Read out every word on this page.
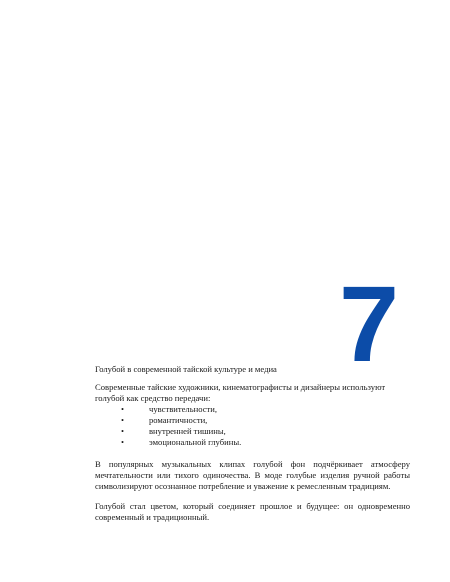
7
Голубой в современной тайской культуре и медиа
Современные тайские художники, кинематографисты и дизайнеры используют голубой как средство передачи:
•	чувствительности,
•	романтичности,
•	внутренней тишины,
•	эмоциональной глубины.
В популярных музыкальных клипах голубой фон подчёркивает атмосферу
мечтательности или тихого одиночества. В моде голубые изделия ручной работы
символизируют осознанное потребление и уважение к ремесленным традициям.
Голубой стал цветом, который соединяет прошлое и будущее: он одновременно
современный и традиционный.
